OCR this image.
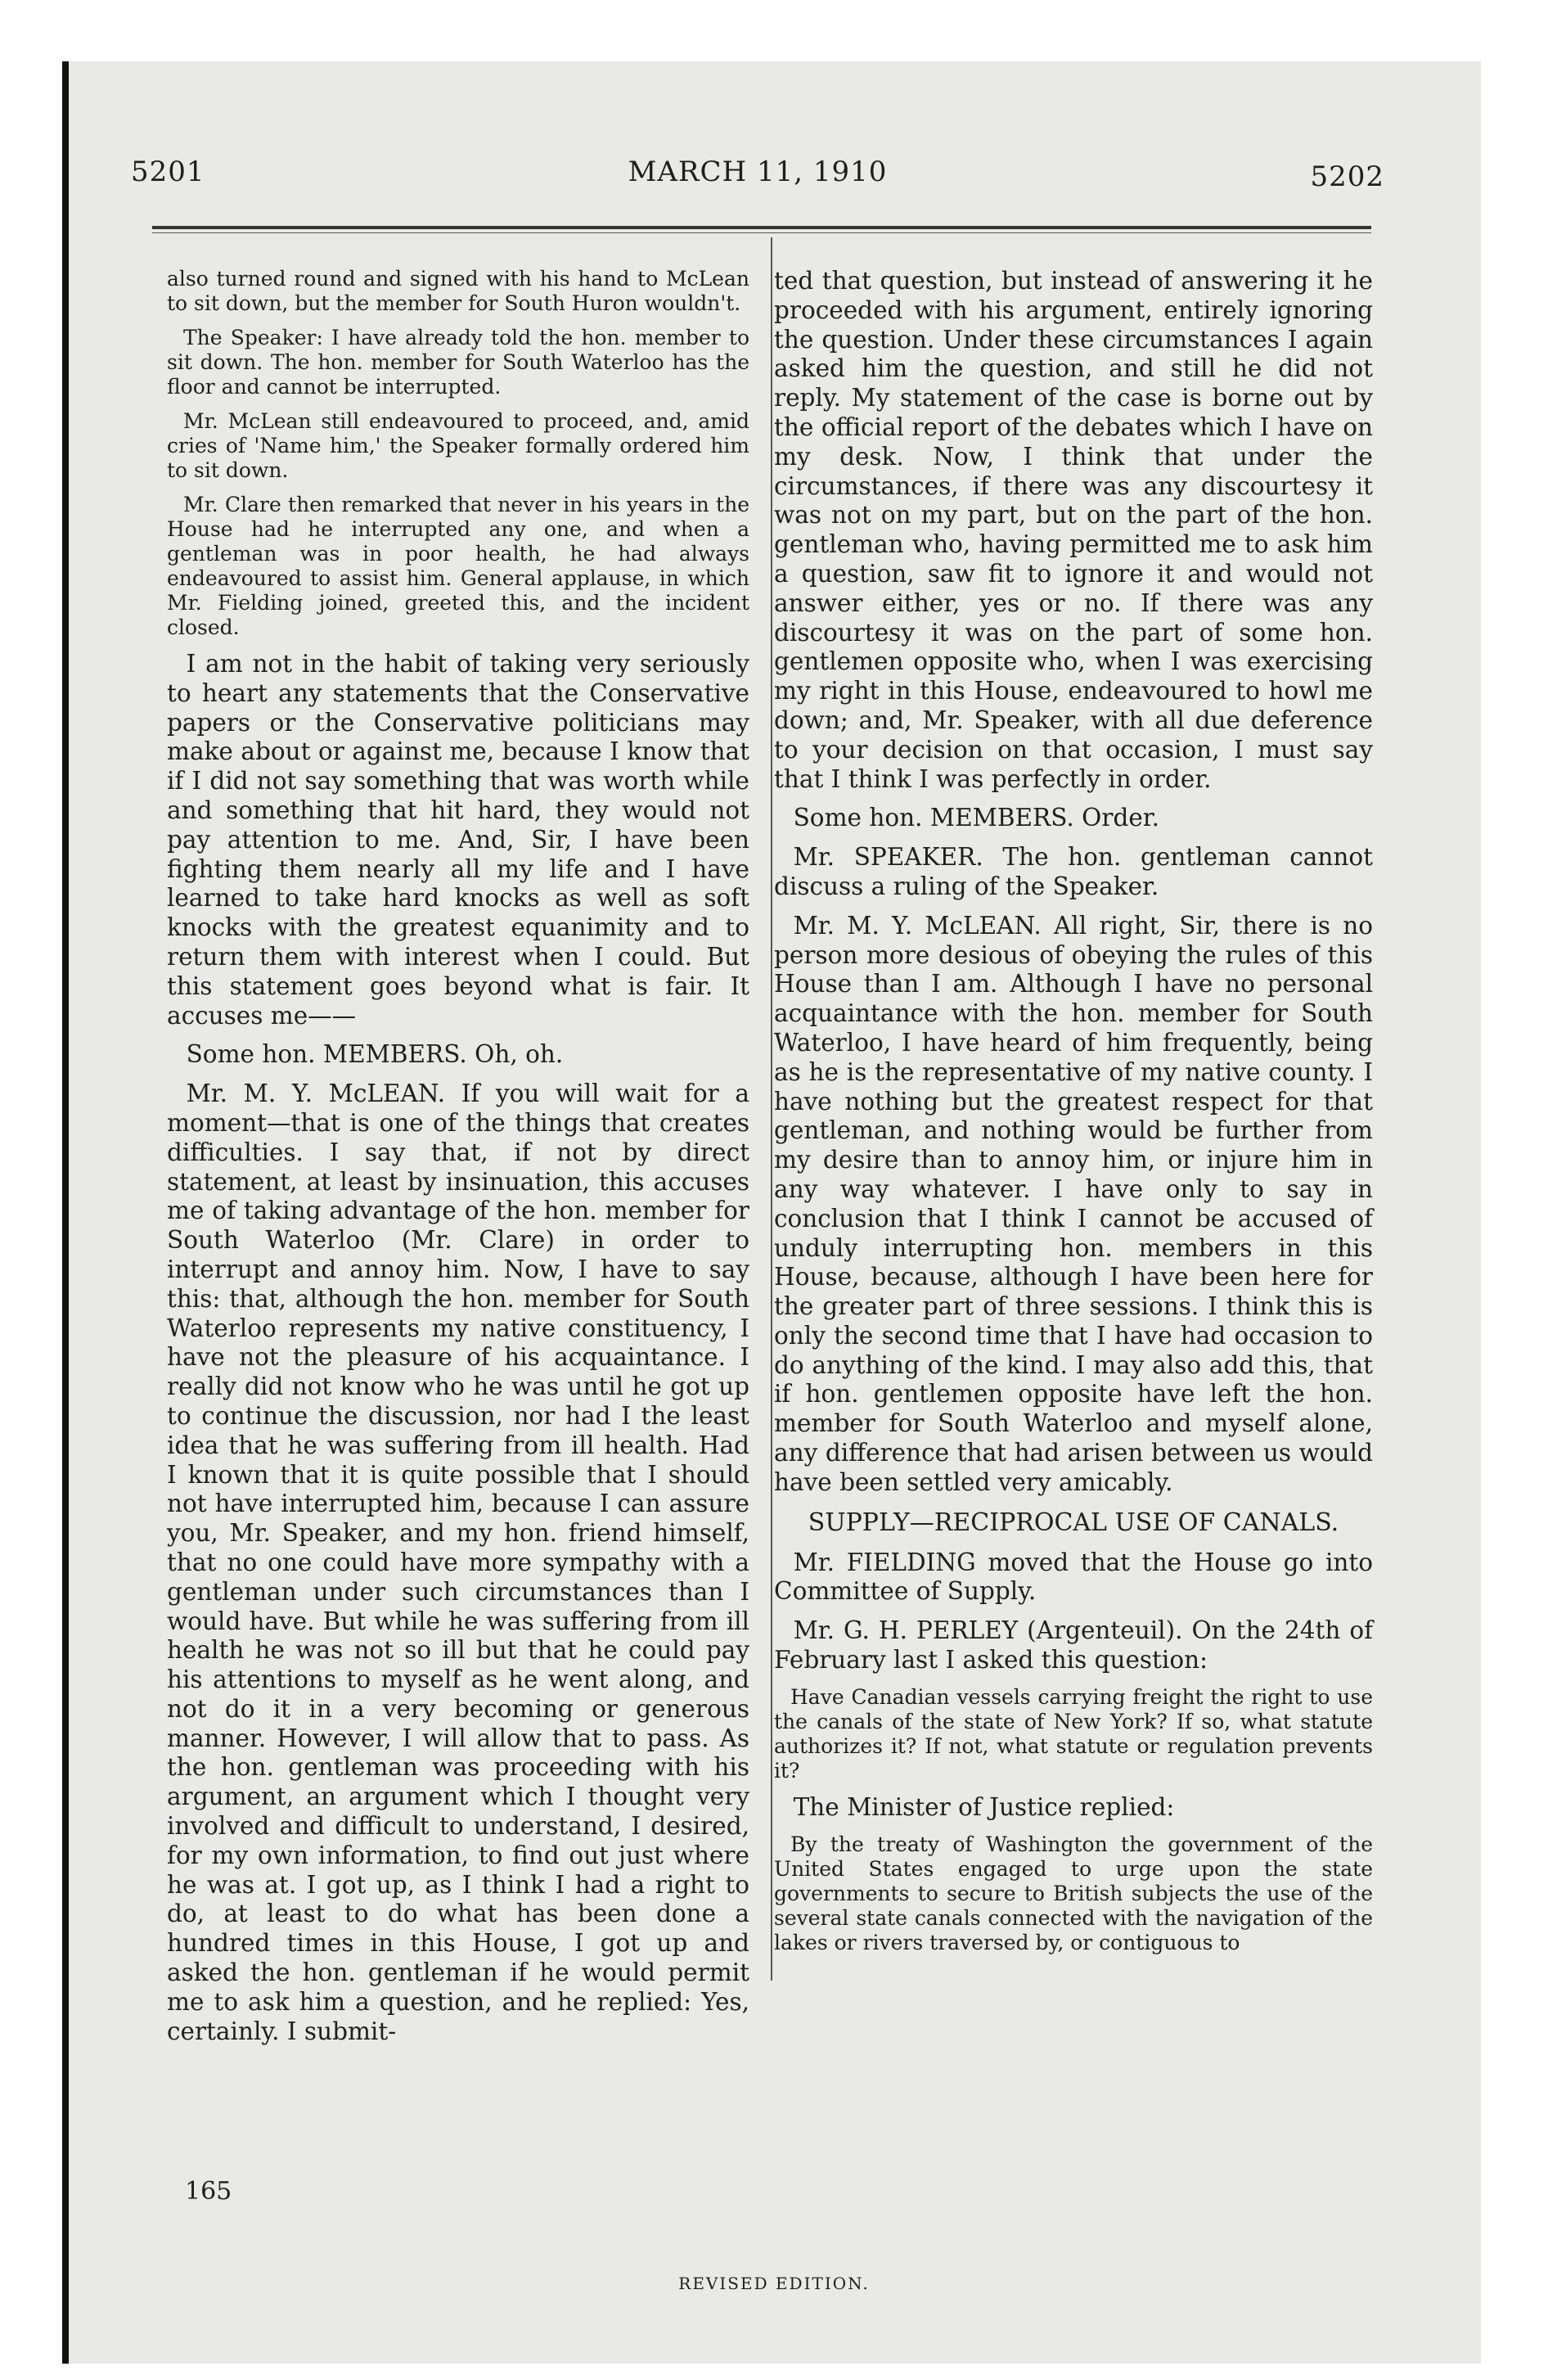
5201	MARCH 11, 1910	5202

also turned round and signed with his hand to McLean to sit down, but the member for South Huron wouldn't.

The Speaker: I have already told the hon. member to sit down. The hon. member for South Waterloo has the floor and cannot be interrupted.

Mr. McLean still endeavoured to proceed, and, amid cries of 'Name him,' the Speaker formally ordered him to sit down.

Mr. Clare then remarked that never in his years in the House had he interrupted any one, and when a gentleman was in poor health, he had always endeavoured to assist him. General applause, in which Mr. Fielding joined, greeted this, and the incident closed.

I am not in the habit of taking very seriously to heart any statements that the Conservative papers or the Conservative politicians may make about or against me, because I know that if I did not say something that was worth while and something that hit hard, they would not pay attention to me. And, Sir, I have been fighting them nearly all my life and I have learned to take hard knocks as well as soft knocks with the greatest equanimity and to return them with interest when I could. But this statement goes beyond what is fair. It accuses me——

Some hon. MEMBERS. Oh, oh.

Mr. M. Y. McLEAN. If you will wait for a moment—that is one of the things that creates difficulties. I say that, if not by direct statement, at least by insinuation, this accuses me of taking advantage of the hon. member for South Waterloo (Mr. Clare) in order to interrupt and annoy him. Now, I have to say this: that, although the hon. member for South Waterloo represents my native constituency, I have not the pleasure of his acquaintance. I really did not know who he was until he got up to continue the discussion, nor had I the least idea that he was suffering from ill health. Had I known that it is quite possible that I should not have interrupted him, because I can assure you, Mr. Speaker, and my hon. friend himself, that no one could have more sympathy with a gentleman under such circumstances than I would have. But while he was suffering from ill health he was not so ill but that he could pay his attentions to myself as he went along, and not do it in a very becoming or generous manner. However, I will allow that to pass. As the hon. gentleman was proceeding with his argument, an argument which I thought very involved and difficult to understand, I desired, for my own information, to find out just where he was at. I got up, as I think I had a right to do, at least to do what has been done a hundred times in this House, I got up and asked the hon. gentleman if he would permit me to ask him a question, and he replied: Yes, certainly. I submit-

ted that question, but instead of answering it he proceeded with his argument, entirely ignoring the question. Under these circumstances I again asked him the question, and still he did not reply. My statement of the case is borne out by the official report of the debates which I have on my desk. Now, I think that under the circumstances, if there was any discourtesy it was not on my part, but on the part of the hon. gentleman who, having permitted me to ask him a question, saw fit to ignore it and would not answer either, yes or no. If there was any discourtesy it was on the part of some hon. gentlemen opposite who, when I was exercising my right in this House, endeavoured to howl me down; and, Mr. Speaker, with all due deference to your decision on that occasion, I must say that I think I was perfectly in order.

Some hon. MEMBERS. Order.

Mr. SPEAKER. The hon. gentleman cannot discuss a ruling of the Speaker.

Mr. M. Y. McLEAN. All right, Sir, there is no person more desious of obeying the rules of this House than I am. Although I have no personal acquaintance with the hon. member for South Waterloo, I have heard of him frequently, being as he is the representative of my native county. I have nothing but the greatest respect for that gentleman, and nothing would be further from my desire than to annoy him, or injure him in any way whatever. I have only to say in conclusion that I think I cannot be accused of unduly interrupting hon. members in this House, because, although I have been here for the greater part of three sessions. I think this is only the second time that I have had occasion to do anything of the kind. I may also add this, that if hon. gentlemen opposite have left the hon. member for South Waterloo and myself alone, any difference that had arisen between us would have been settled very amicably.

SUPPLY—RECIPROCAL USE OF CANALS.

Mr. FIELDING moved that the House go into Committee of Supply.

Mr. G. H. PERLEY (Argenteuil). On the 24th of February last I asked this question:

Have Canadian vessels carrying freight the right to use the canals of the state of New York? If so, what statute authorizes it? If not, what statute or regulation prevents it?

The Minister of Justice replied:

By the treaty of Washington the government of the United States engaged to urge upon the state governments to secure to British subjects the use of the several state canals connected with the navigation of the lakes or rivers traversed by, or contiguous to

165
REVISED EDITION.
